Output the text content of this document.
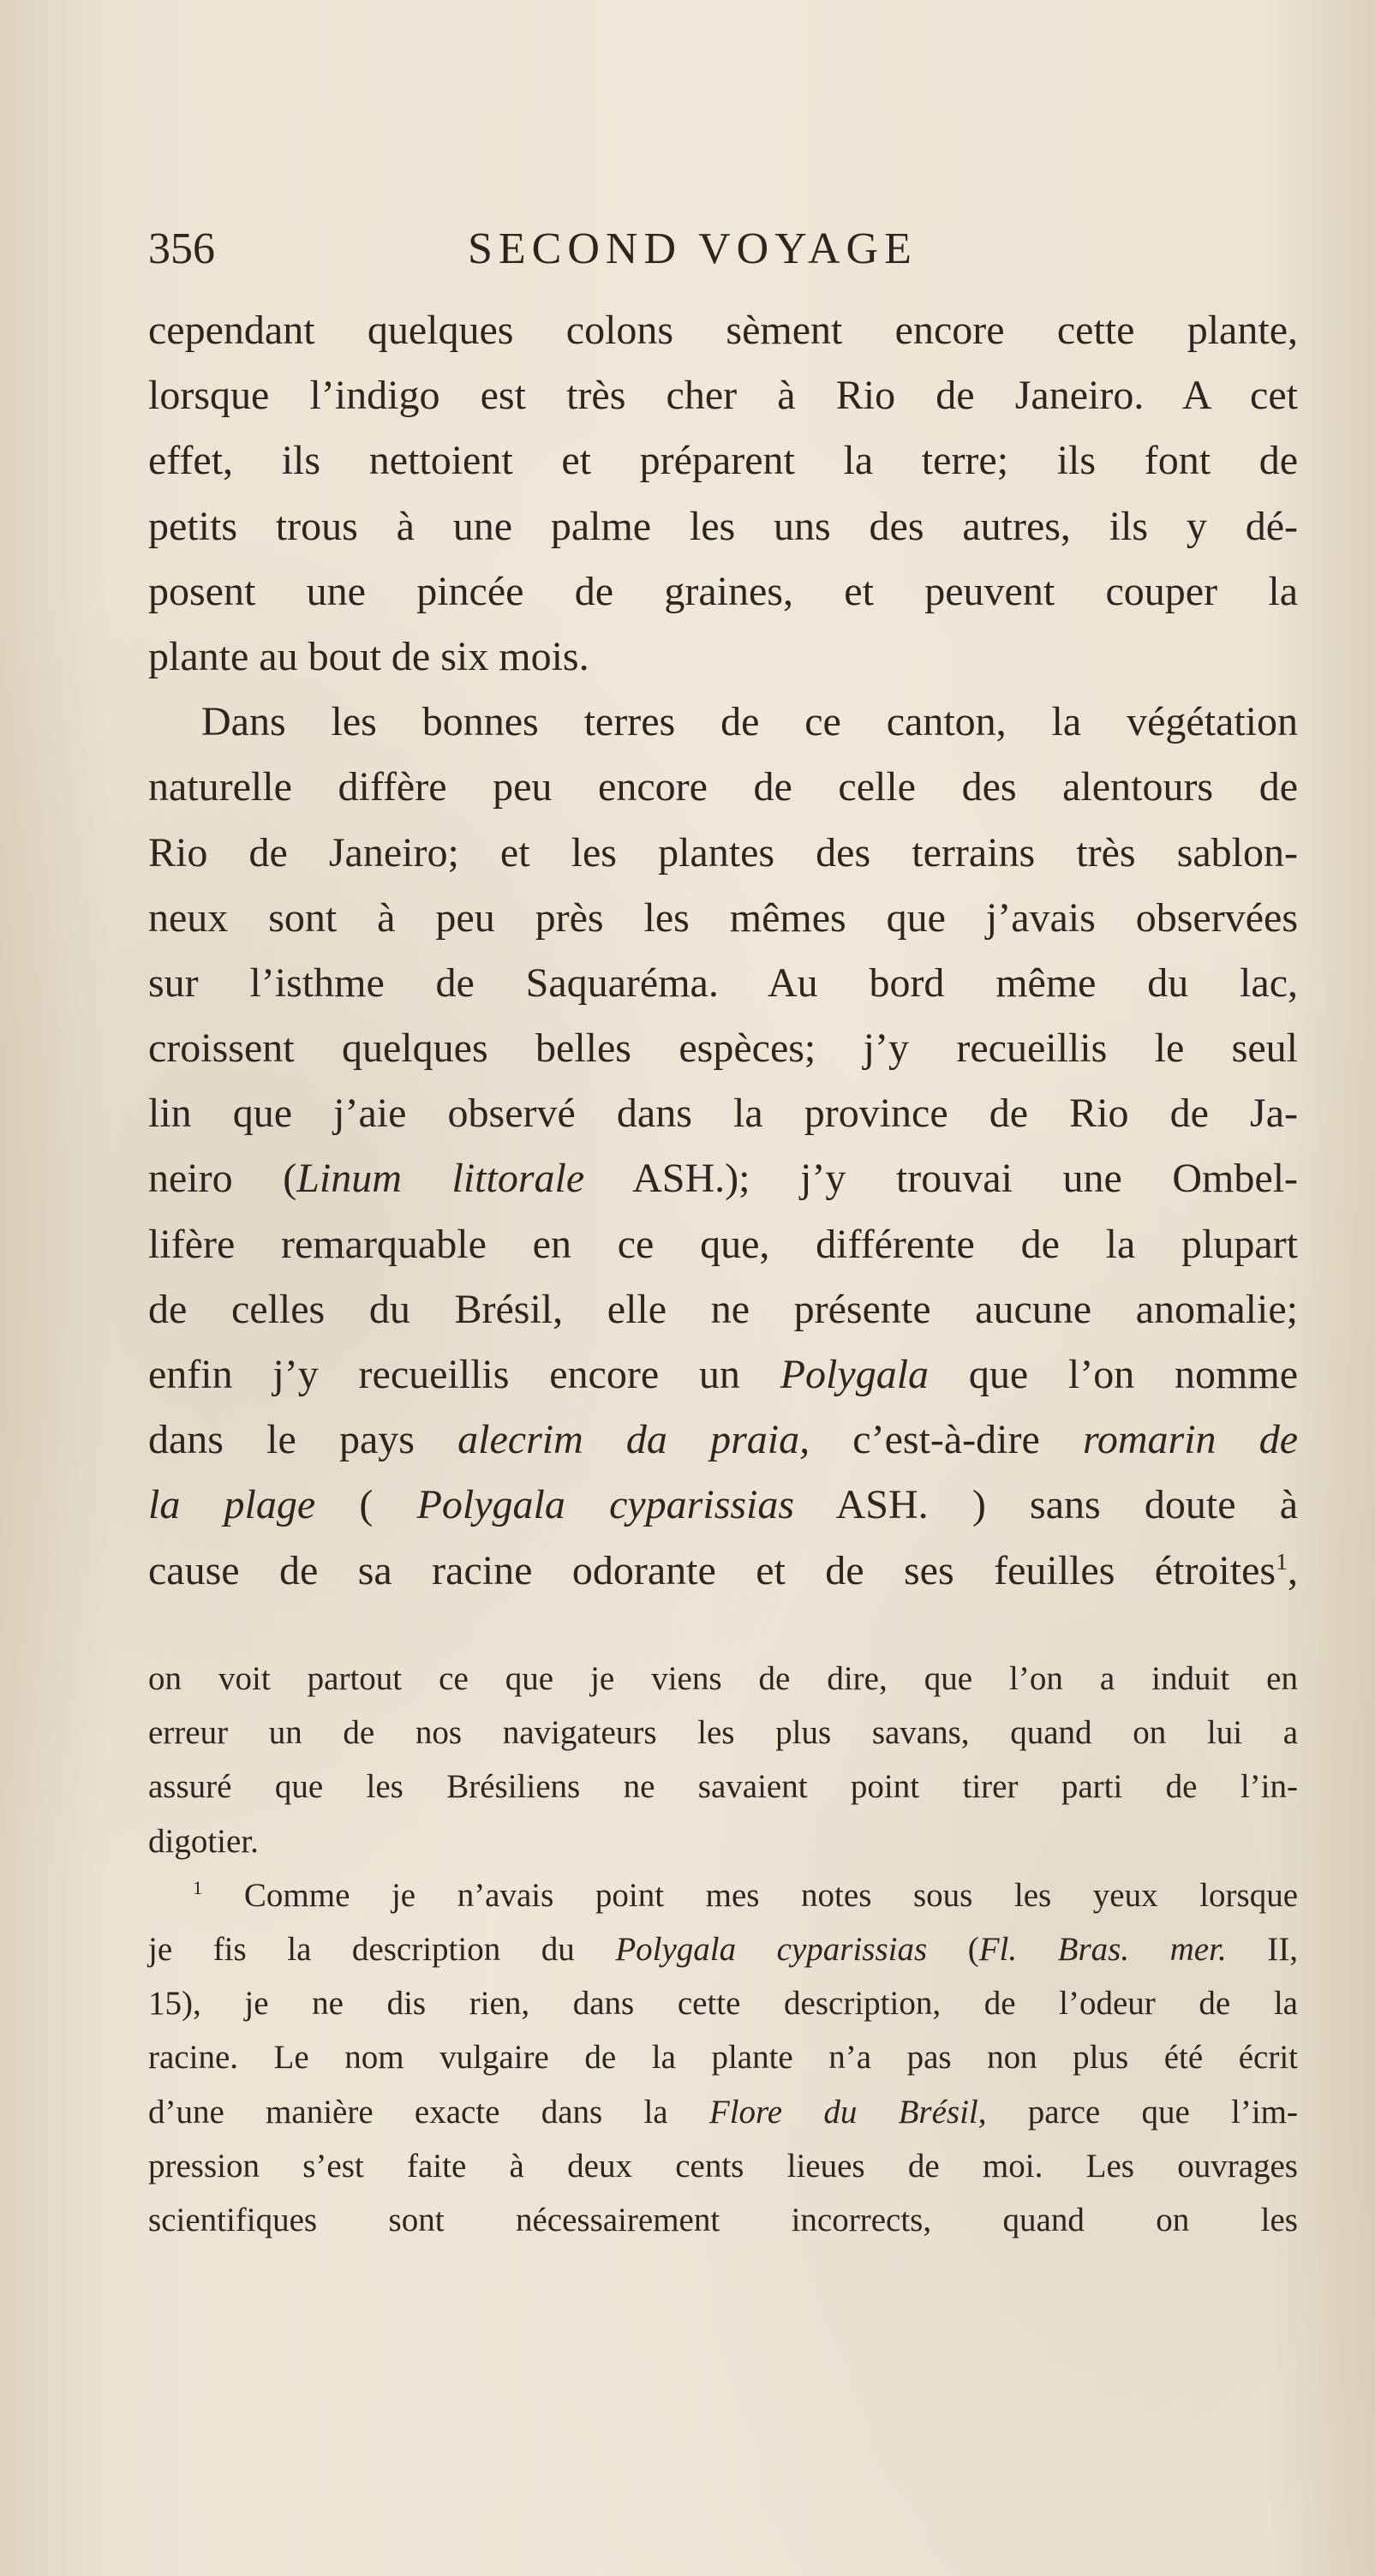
356	SECOND VOYAGE
cependant quelques colons sèment encore cette plante,
lorsque l’indigo est très cher à Rio de Janeiro. A cet
effet, ils nettoient et préparent la terre; ils font de
petits trous à une palme les uns des autres, ils y dé-
posent une pincée de graines, et peuvent couper la
plante au bout de six mois.
Dans les bonnes terres de ce canton, la végétation
naturelle diffère peu encore de celle des alentours de
Rio de Janeiro; et les plantes des terrains très sablon-
neux sont à peu près les mêmes que j’avais observées
sur l’isthme de Saquaréma. Au bord même du lac,
croissent quelques belles espèces; j’y recueillis le seul
lin que j’aie observé dans la province de Rio de Ja-
neiro (Linum littorale ASH.); j’y trouvai une Ombel-
lifère remarquable en ce que, différente de la plupart
de celles du Brésil, elle ne présente aucune anomalie;
enfin j’y recueillis encore un Polygala que l’on nomme
dans le pays alecrim da praia, c’est-à-dire romarin de
la plage ( Polygala cyparissias ASH. ) sans doute à
cause de sa racine odorante et de ses feuilles étroites$^1$,
on voit partout ce que je viens de dire, que l’on a induit en
erreur un de nos navigateurs les plus savans, quand on lui a
assuré que les Brésiliens ne savaient point tirer parti de l’in-
digotier.
$^1$ Comme je n’avais point mes notes sous les yeux lorsque
je fis la description du Polygala cyparissias (Fl. Bras. mer. II,
15), je ne dis rien, dans cette description, de l’odeur de la
racine. Le nom vulgaire de la plante n’a pas non plus été écrit
d’une manière exacte dans la Flore du Brésil, parce que l’im-
pression s’est faite à deux cents lieues de moi. Les ouvrages
scientifiques sont nécessairement incorrects, quand on les
